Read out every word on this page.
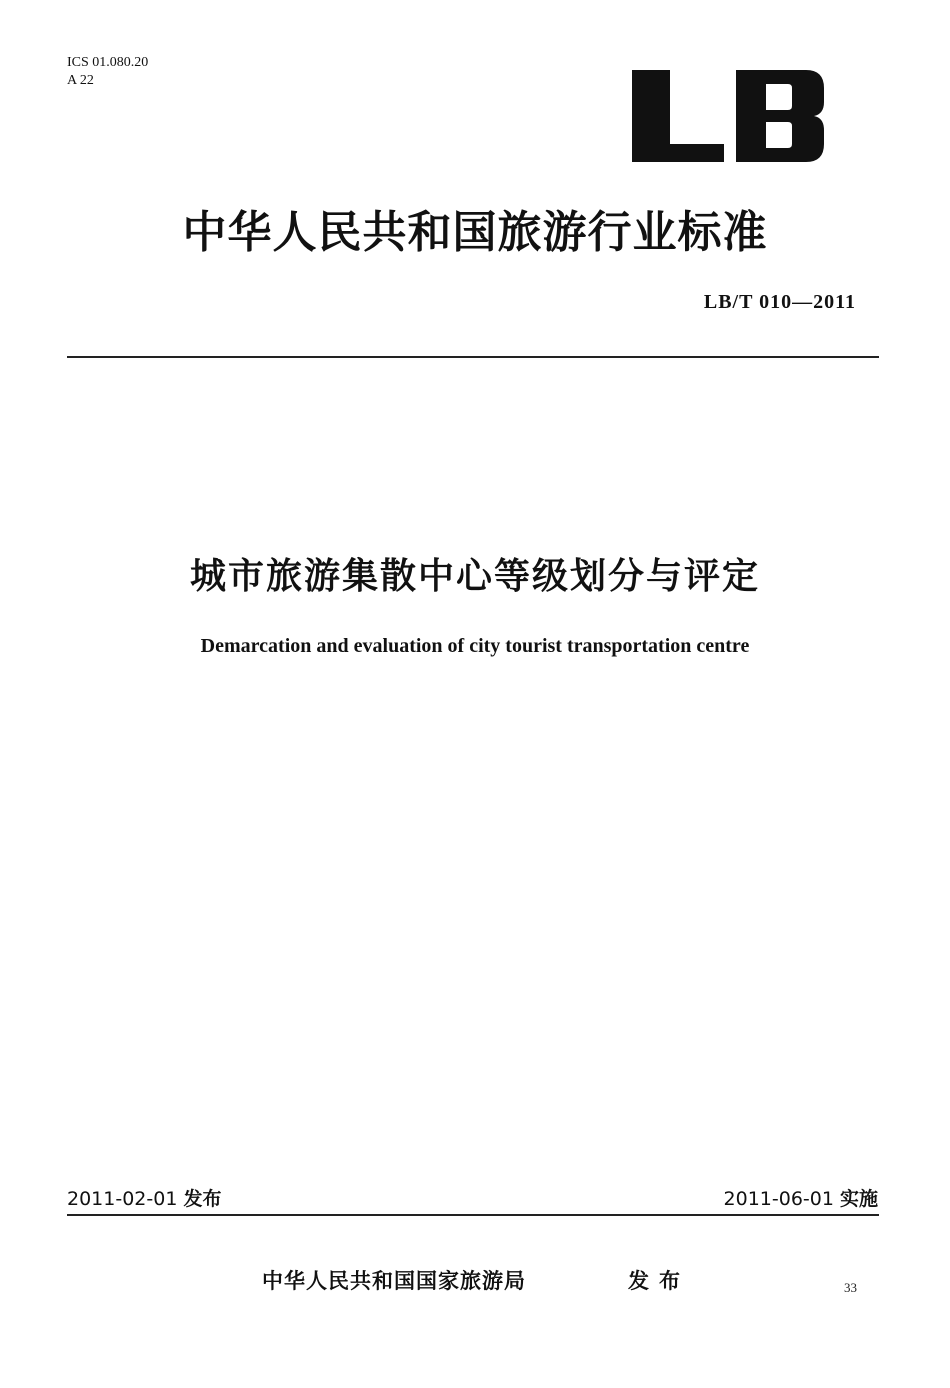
ICS 01.080.20
A 22
中华人民共和国旅游行业标准
LB/T 010—2011
城市旅游集散中心等级划分与评定
Demarcation and evaluation of city tourist transportation centre
2011-02-01 发布	2011-06-01 实施
中华人民共和国国家旅游局	发布	33
